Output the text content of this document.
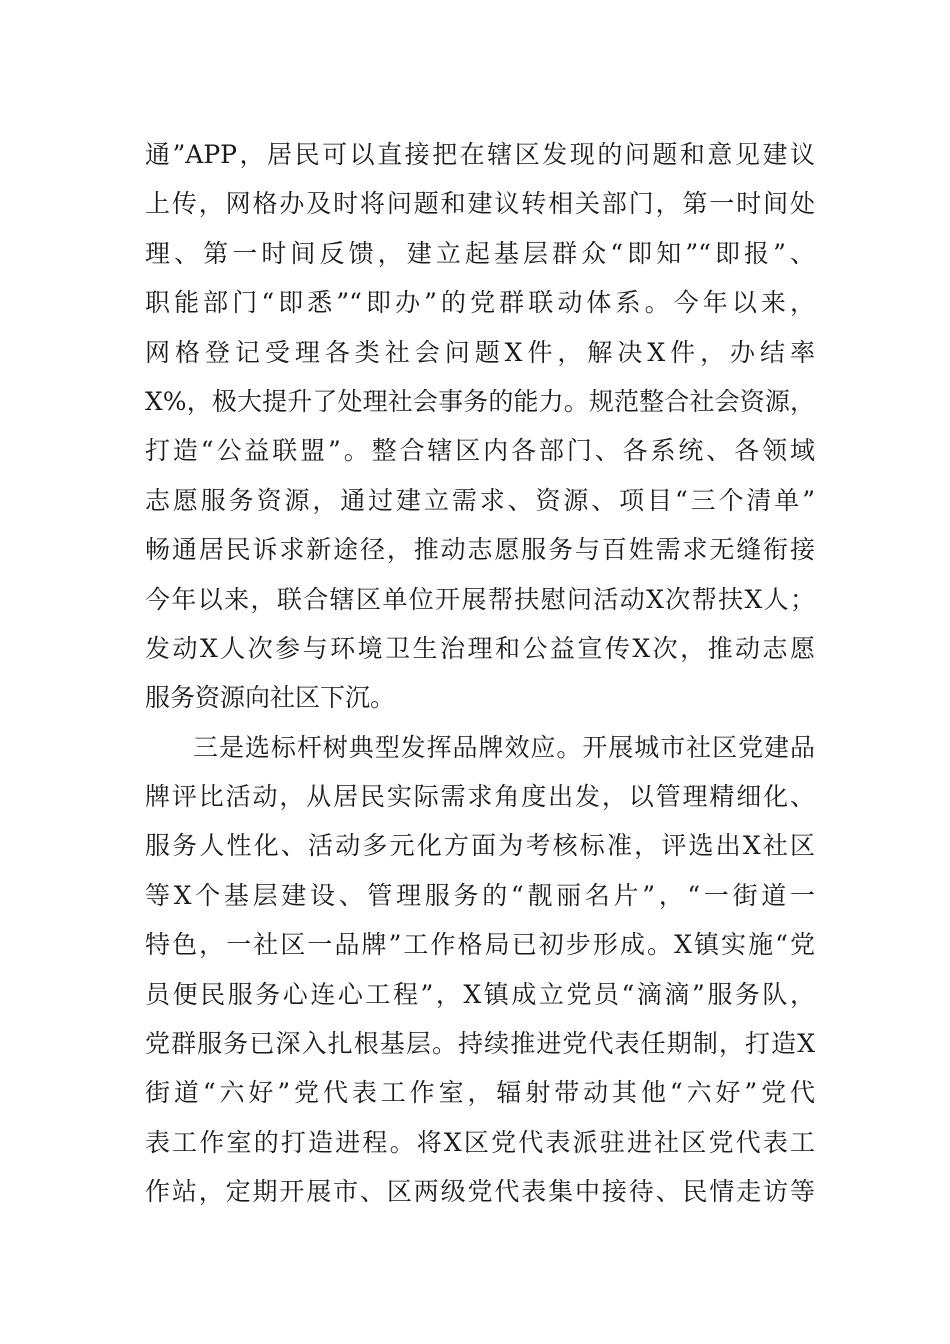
通”APP，居民可以直接把在辖区发现的问题和意见建议
上传，网格办及时将问题和建议转相关部门，第一时间处
理、第一时间反馈，建立起基层群众“即知”“即报”、
职能部门“即悉”“即办”的党群联动体系。今年以来，
网格登记受理各类社会问题X件，解决X件，办结率
X%，极大提升了处理社会事务的能力。规范整合社会资源，
打造“公益联盟”。整合辖区内各部门、各系统、各领域
志愿服务资源，通过建立需求、资源、项目“三个清单”
畅通居民诉求新途径，推动志愿服务与百姓需求无缝衔接
今年以来，联合辖区单位开展帮扶慰问活动X次帮扶X人；
发动X人次参与环境卫生治理和公益宣传X次，推动志愿
服务资源向社区下沉。
三是选标杆树典型发挥品牌效应。开展城市社区党建品
牌评比活动，从居民实际需求角度出发，以管理精细化、
服务人性化、活动多元化方面为考核标准，评选出X社区
等X个基层建设、管理服务的“靓丽名片”，“一街道一
特色，一社区一品牌”工作格局已初步形成。X镇实施“党
员便民服务心连心工程”，X镇成立党员“滴滴”服务队，
党群服务已深入扎根基层。持续推进党代表任期制，打造X
街道“六好”党代表工作室，辐射带动其他“六好”党代
表工作室的打造进程。将X区党代表派驻进社区党代表工
作站，定期开展市、区两级党代表集中接待、民情走访等
